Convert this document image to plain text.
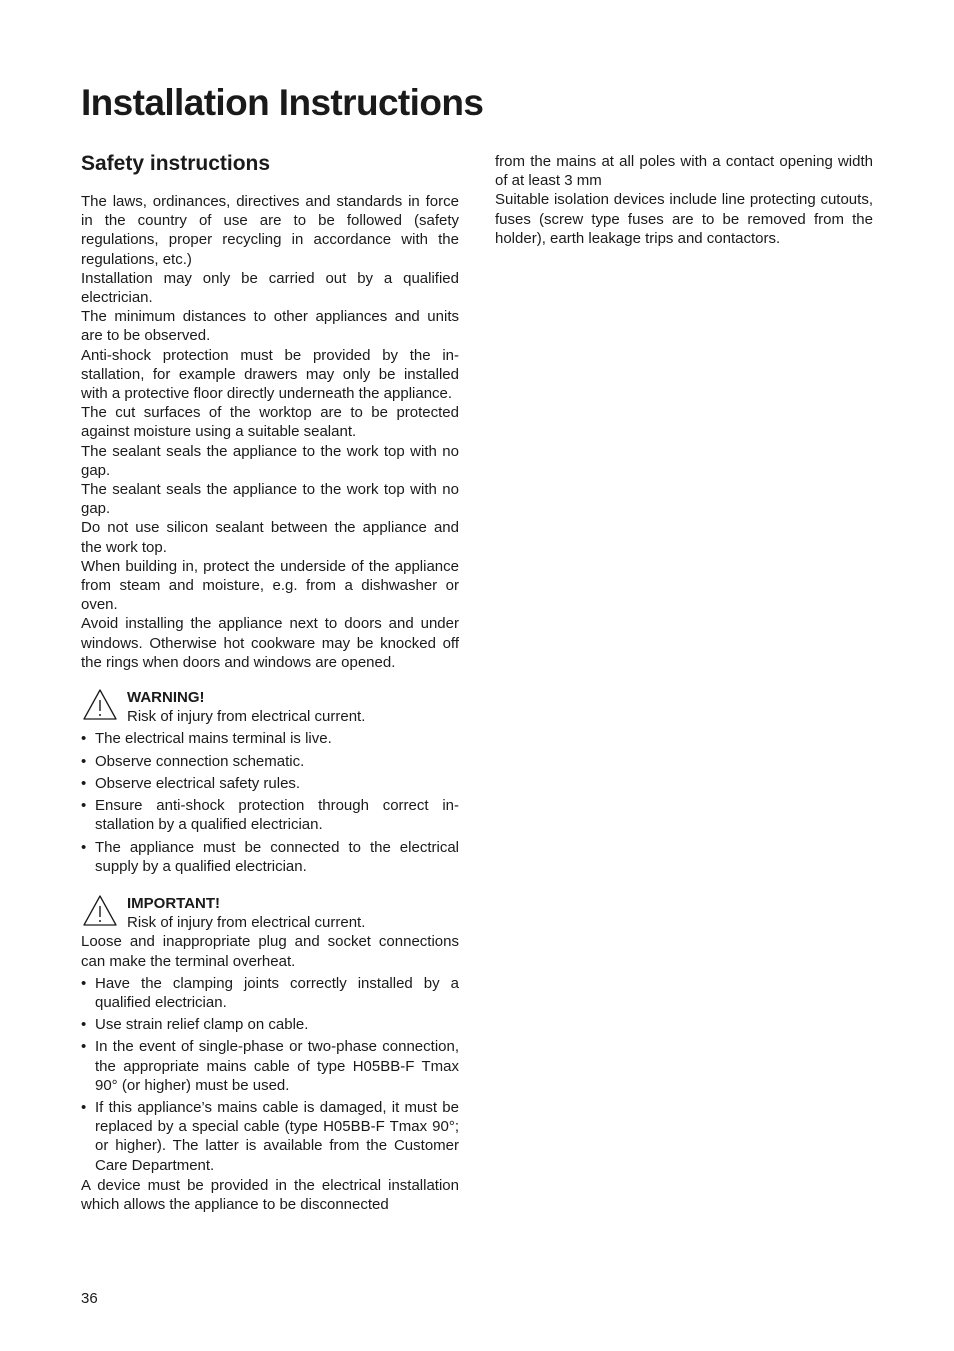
Installation Instructions
Safety instructions

The laws, ordinances, directives and standards in force in the country of use are to be followed (safety regulations, proper recycling in accordance with the regulations, etc.)

Installation may only be carried out by a qualified electrician.

The minimum distances to other appliances and units are to be observed.

Anti-shock protection must be provided by the installation, for example drawers may only be installed with a protective floor directly underneath the appliance.

The cut surfaces of the worktop are to be protected against moisture using a suitable sealant.

The sealant seals the appliance to the work top with no gap.

The sealant seals the appliance to the work top with no gap.

Do not use silicon sealant between the appliance and the work top.

When building in, protect the underside of the appliance from steam and moisture, e.g. from a dishwasher or oven.

Avoid installing the appliance next to doors and under windows. Otherwise hot cookware may be knocked off the rings when doors and windows are opened.

WARNING!
Risk of injury from electrical current.
• The electrical mains terminal is live.
• Observe connection schematic.
• Observe electrical safety rules.
• Ensure anti-shock protection through correct installation by a qualified electrician.
• The appliance must be connected to the electrical supply by a qualified electrician.
IMPORTANT!
Risk of injury from electrical current.

Loose and inappropriate plug and socket connections can make the terminal overheat.

• Have the clamping joints correctly installed by a qualified electrician.
• Use strain relief clamp on cable.
• In the event of single-phase or two-phase connection, the appropriate mains cable of type H05BB-F Tmax 90° (or higher) must be used.
• If this appliance’s mains cable is damaged, it must be replaced by a special cable (type H05BB-F Tmax 90°; or higher). The latter is available from the Customer Care Department.

A device must be provided in the electrical installation which allows the appliance to be disconnected

from the mains at all poles with a contact opening width of at least 3 mm

Suitable isolation devices include line protecting cutouts, fuses (screw type fuses are to be removed from the holder), earth leakage trips and contactors.

36
